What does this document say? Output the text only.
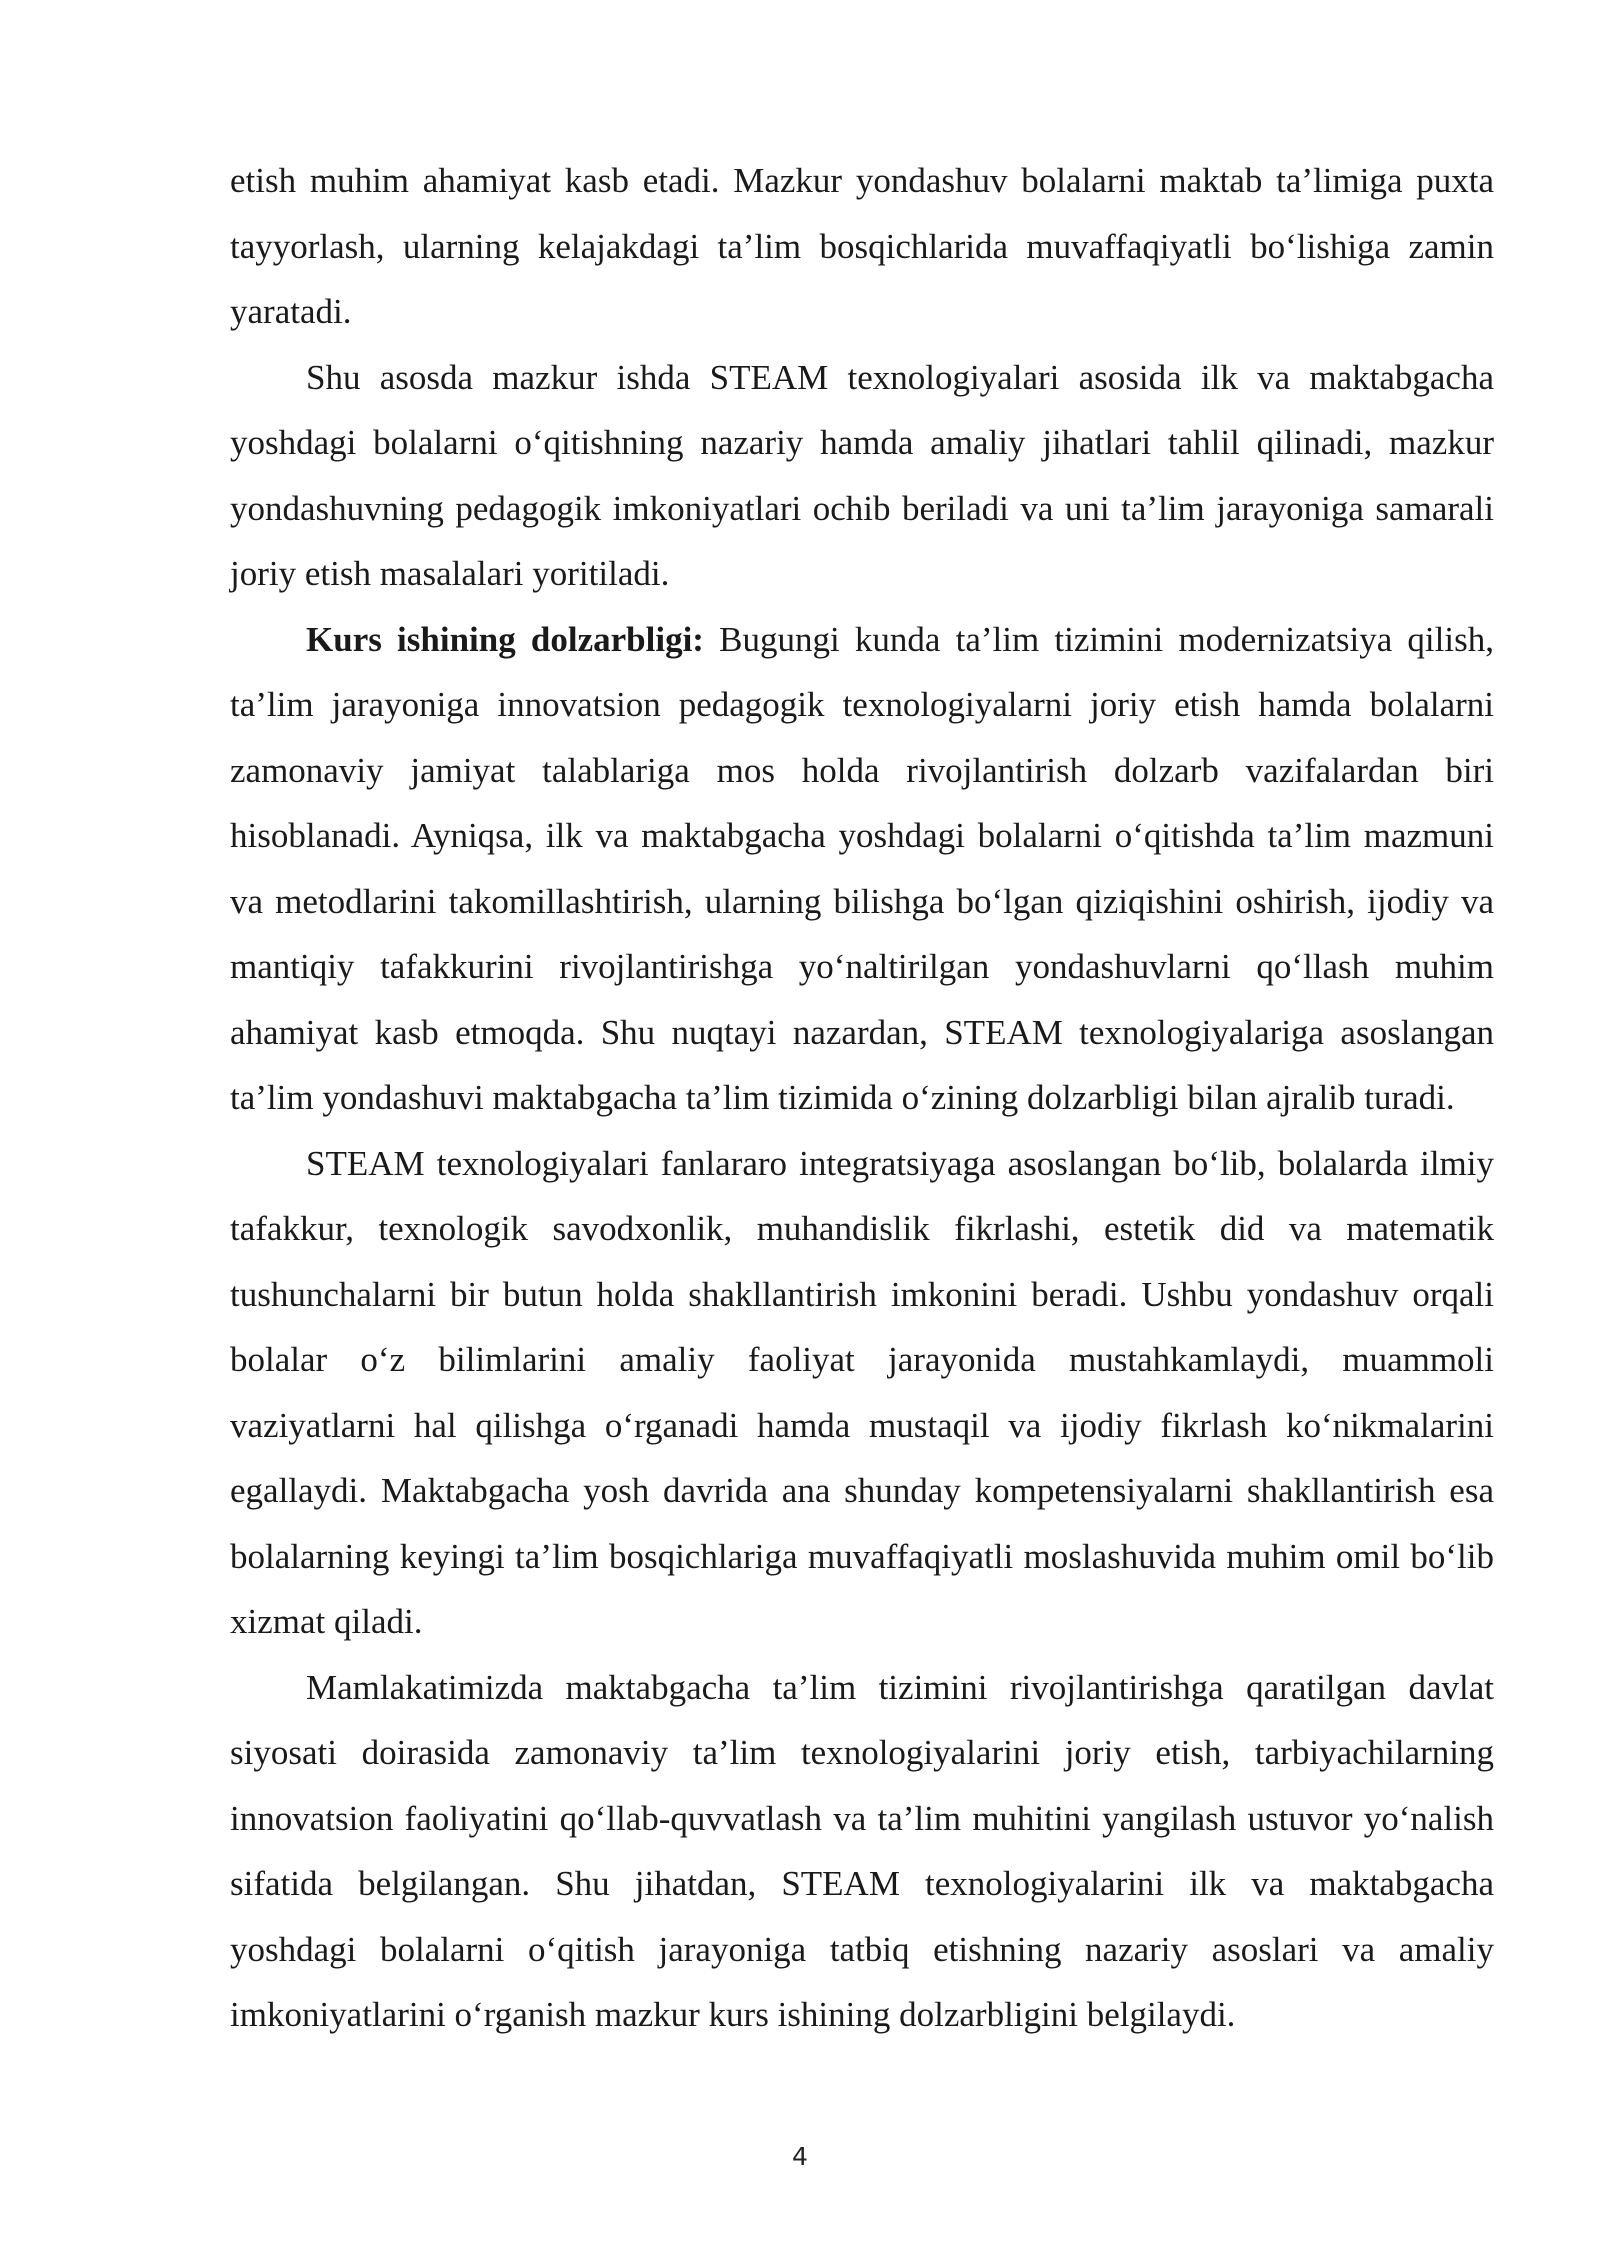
etish muhim ahamiyat kasb etadi. Mazkur yondashuv bolalarni maktab ta’limiga puxta tayyorlash, ularning kelajakdagi ta’lim bosqichlarida muvaffaqiyatli bo‘lishiga zamin yaratadi.

Shu asosda mazkur ishda STEAM texnologiyalari asosida ilk va maktabgacha yoshdagi bolalarni o‘qitishning nazariy hamda amaliy jihatlari tahlil qilinadi, mazkur yondashuvning pedagogik imkoniyatlari ochib beriladi va uni ta’lim jarayoniga samarali joriy etish masalalari yoritiladi.

Kurs ishining dolzarbligi: Bugungi kunda ta’lim tizimini modernizatsiya qilish, ta’lim jarayoniga innovatsion pedagogik texnologiyalarni joriy etish hamda bolalarni zamonaviy jamiyat talablariga mos holda rivojlantirish dolzarb vazifalardan biri hisoblanadi. Ayniqsa, ilk va maktabgacha yoshdagi bolalarni o‘qitishda ta’lim mazmuni va metodlarini takomillashtirish, ularning bilishga bo‘lgan qiziqishini oshirish, ijodiy va mantiqiy tafakkurini rivojlantirishga yo‘naltirilgan yondashuvlarni qo‘llash muhim ahamiyat kasb etmoqda. Shu nuqtayi nazardan, STEAM texnologiyalariga asoslangan ta’lim yondashuvi maktabgacha ta’lim tizimida o‘zining dolzarbligi bilan ajralib turadi.

STEAM texnologiyalari fanlararo integratsiyaga asoslangan bo‘lib, bolalarda ilmiy tafakkur, texnologik savodxonlik, muhandislik fikrlashi, estetik did va matematik tushunchalarni bir butun holda shakllantirish imkonini beradi. Ushbu yondashuv orqali bolalar o‘z bilimlarini amaliy faoliyat jarayonida mustahkamlaydi, muammoli vaziyatlarni hal qilishga o‘rganadi hamda mustaqil va ijodiy fikrlash ko‘nikmalarini egallaydi. Maktabgacha yosh davrida ana shunday kompetensiyalarni shakllantirish esa bolalarning keyingi ta’lim bosqichlariga muvaffaqiyatli moslashuvida muhim omil bo‘lib xizmat qiladi.

Mamlakatimizda maktabgacha ta’lim tizimini rivojlantirishga qaratilgan davlat siyosati doirasida zamonaviy ta’lim texnologiyalarini joriy etish, tarbiyachilarning innovatsion faoliyatini qo‘llab-quvvatlash va ta’lim muhitini yangilash ustuvor yo‘nalish sifatida belgilangan. Shu jihatdan, STEAM texnologiyalarini ilk va maktabgacha yoshdagi bolalarni o‘qitish jarayoniga tatbiq etishning nazariy asoslari va amaliy imkoniyatlarini o‘rganish mazkur kurs ishining dolzarbligini belgilaydi.

4
